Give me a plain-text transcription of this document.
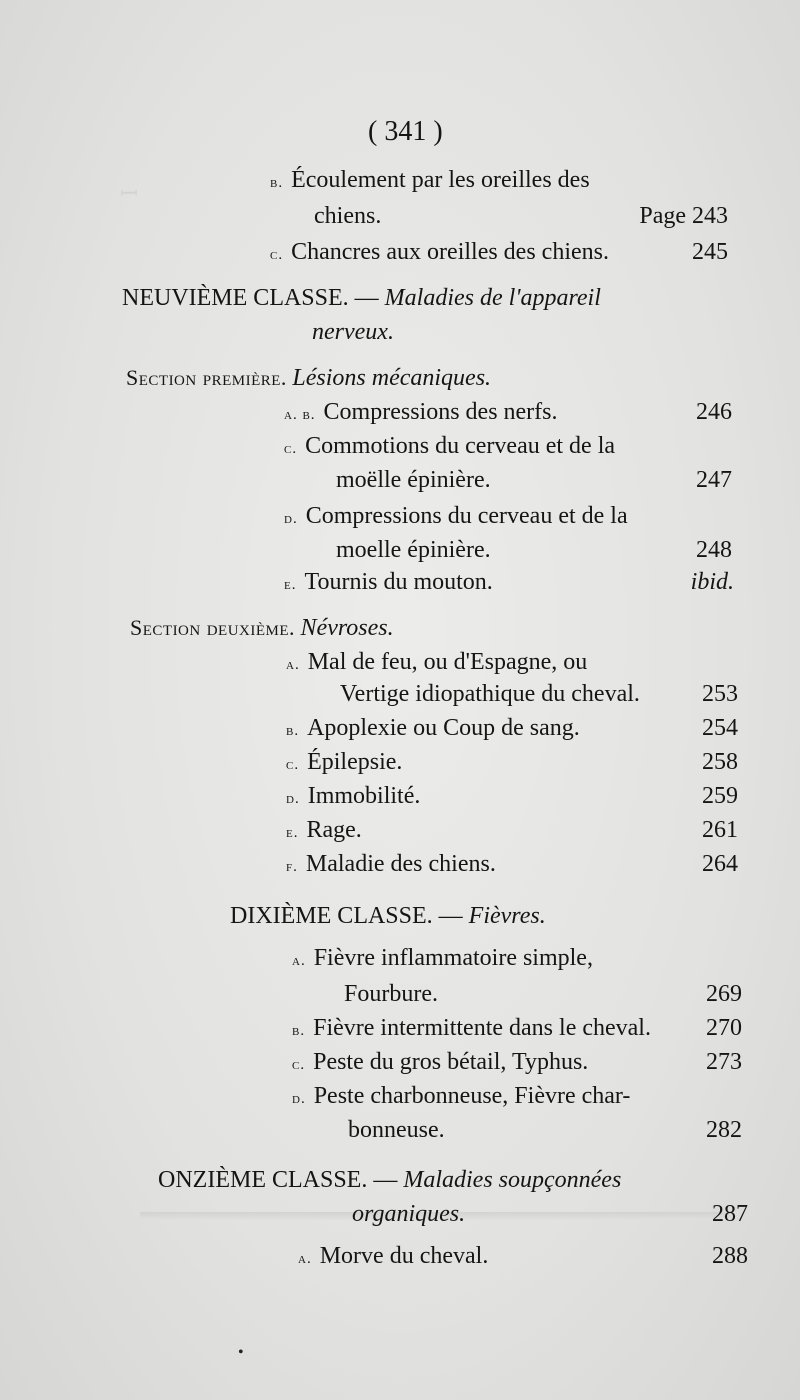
ꟷ
( 341 )
b. Écoulement par les oreilles des
chiens.	Page 243
c. Chancres aux oreilles des chiens.	245
NEUVIÈME CLASSE. — Maladies de l'appareil
nerveux.
Section première. Lésions mécaniques.
a. b. Compressions des nerfs.	246
c. Commotions du cerveau et de la
moëlle épinière.	247
d. Compressions du cerveau et de la
moelle épinière.	248
e. Tournis du mouton.	ibid.
Section deuxième. Névroses.
a. Mal de feu, ou d'Espagne, ou
Vertige idiopathique du cheval.	253
b. Apoplexie ou Coup de sang.	254
c. Épilepsie.	258
d. Immobilité.	259
e. Rage.	261
f. Maladie des chiens.	264
DIXIÈME CLASSE. — Fièvres.
a. Fièvre inflammatoire simple,
Fourbure.	269
b. Fièvre intermittente dans le cheval. 270
c. Peste du gros bétail, Typhus.	273
d. Peste charbonneuse, Fièvre char-
bonneuse.	282
ONZIÈME CLASSE. — Maladies soupçonnées
organiques.	287
a. Morve du cheval.	288
•
